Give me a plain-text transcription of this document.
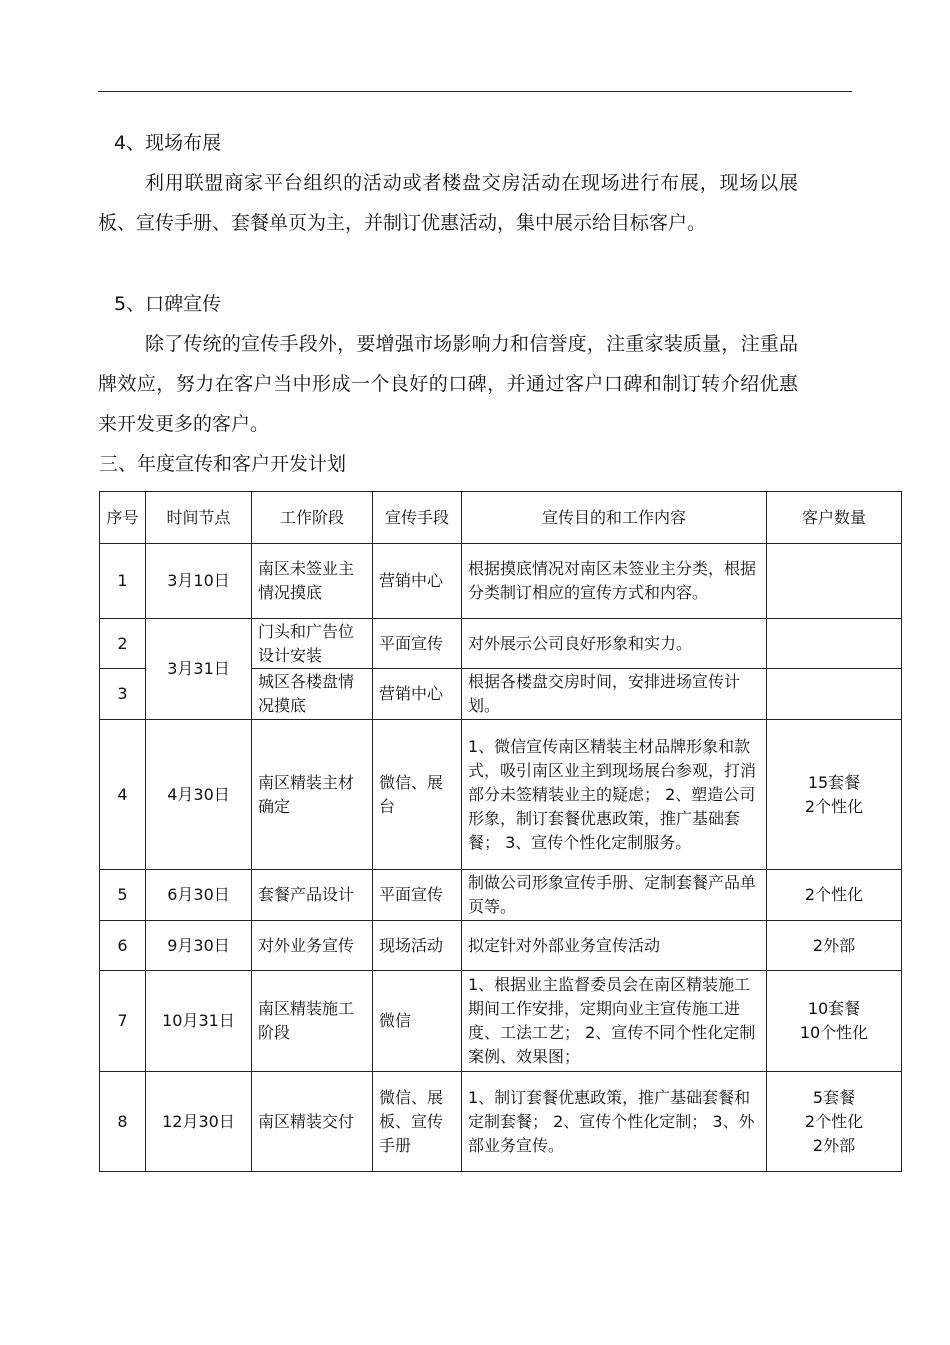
4、现场布展
利用联盟商家平台组织的活动或者楼盘交房活动在现场进行布展，现场以展板、宣传手册、套餐单页为主，并制订优惠活动，集中展示给目标客户。
5、口碑宣传
除了传统的宣传手段外，要增强市场影响力和信誉度，注重家装质量，注重品牌效应，努力在客户当中形成一个良好的口碑，并通过客户口碑和制订转介绍优惠来开发更多的客户。
三、年度宣传和客户开发计划
序号	时间节点	工作阶段	宣传手段	宣传目的和工作内容	客户数量
1	3月10日	南区未签业主情况摸底	营销中心	根据摸底情况对南区未签业主分类，根据分类制订相应的宣传方式和内容。	
2	3月31日	门头和广告位设计安装	平面宣传	对外展示公司良好形象和实力。	
3		城区各楼盘情况摸底	营销中心	根据各楼盘交房时间，安排进场宣传计划。	
4	4月30日	南区精装主材确定	微信、展台	1、微信宣传南区精装主材品牌形象和款式，吸引南区业主到现场展台参观，打消部分未签精装业主的疑虑； 2、塑造公司形象，制订套餐优惠政策，推广基础套餐； 3、宣传个性化定制服务。	15套餐
2个性化
5	6月30日	套餐产品设计	平面宣传	制做公司形象宣传手册、定制套餐产品单页等。	2个性化
6	9月30日	对外业务宣传	现场活动	拟定针对外部业务宣传活动	2外部
7	10月31日	南区精装施工阶段	微信	1、根据业主监督委员会在南区精装施工期间工作安排，定期向业主宣传施工进度、工法工艺； 2、宣传不同个性化定制案例、效果图；	10套餐
10个性化
8	12月30日	南区精装交付	微信、展板、宣传手册	1、制订套餐优惠政策，推广基础套餐和定制套餐； 2、宣传个性化定制； 3、外部业务宣传。	5套餐
2个性化
2外部
